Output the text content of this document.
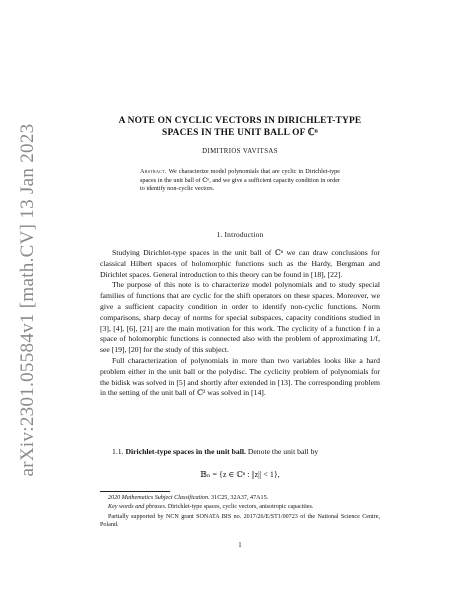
arXiv:2301.05584v1 [math.CV] 13 Jan 2023
A NOTE ON CYCLIC VECTORS IN DIRICHLET-TYPE
SPACES IN THE UNIT BALL OF ℂⁿ
DIMITRIOS VAVITSAS
Abstract. We characterize model polynomials that are cyclic in Dirichlet-type spaces in the unit ball of ℂⁿ, and we give a sufficient capacity condition in order to identify non-cyclic vectors.
1. Introduction

Studying Dirichlet-type spaces in the unit ball of ℂⁿ we can draw conclusions for classical Hilbert spaces of holomorphic functions such as the Hardy, Bergman and Dirichlet spaces. General introduction to this theory can be found in [18], [22].

The purpose of this note is to characterize model polynomials and to study special families of functions that are cyclic for the shift operators on these spaces. Moreover, we give a sufficient capacity condition in order to identify non-cyclic functions. Norm comparisons, sharp decay of norms for special subspaces, capacity conditions studied in [3], [4], [6], [21] are the main motivation for this work. The cyclicity of a function f in a space of holomorphic functions is connected also with the problem of approximating 1/f, see [19], [20] for the study of this subject.

Full characterization of polynomials in more than two variables looks like a hard problem either in the unit ball or the polydisc. The cyclicity problem of polynomials for the bidisk was solved in [5] and shortly after extended in [13]. The corresponding problem in the setting of the unit ball of ℂ² was solved in [14].

1.1. Dirichlet-type spaces in the unit ball. Denote the unit ball by

𝔹ₙ = {z ∈ ℂⁿ : ||z|| < 1},

2020 Mathematics Subject Classification. 31C25, 32A37, 47A15.

Key words and phrases. Dirichlet-type spaces, cyclic vectors, anisotropic capacities.

Partially supported by NCN grant SONATA BIS no. 2017/26/E/ST1/00723 of the National Science Centre, Poland.

1
